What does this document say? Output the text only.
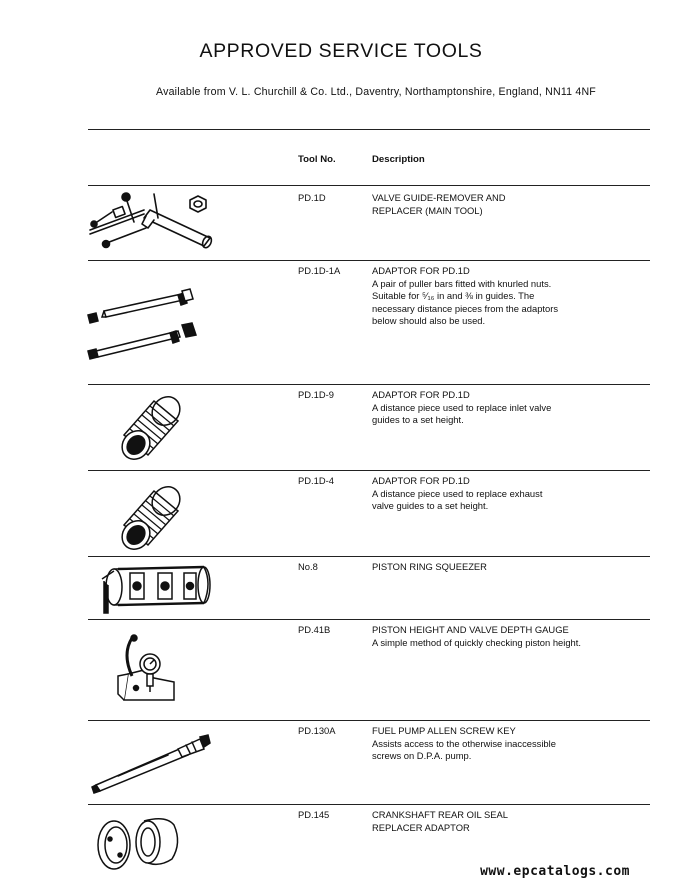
APPROVED SERVICE TOOLS
Available from V. L. Churchill & Co. Ltd., Daventry, Northamptonshire, England, NN11 4NF
Tool No.	Description
PD.1D	VALVE GUIDE-REMOVER AND REPLACER (MAIN TOOL)
PD.1D-1A	ADAPTOR FOR PD.1D
A pair of puller bars fitted with knurled nuts. Suitable for ⁵⁄₁₆ in and ⅜ in guides. The necessary distance pieces from the adaptors below should also be used.
PD.1D-9	ADAPTOR FOR PD.1D
A distance piece used to replace inlet valve guides to a set height.
PD.1D-4	ADAPTOR FOR PD.1D
A distance piece used to replace exhaust valve guides to a set height.
No.8	PISTON RING SQUEEZER
PD.41B	PISTON HEIGHT AND VALVE DEPTH GAUGE
A simple method of quickly checking piston height.
PD.130A	FUEL PUMP ALLEN SCREW KEY
Assists access to the otherwise inaccessible screws on D.P.A. pump.
PD.145	CRANKSHAFT REAR OIL SEAL REPLACER ADAPTOR
www.epcatalogs.com
